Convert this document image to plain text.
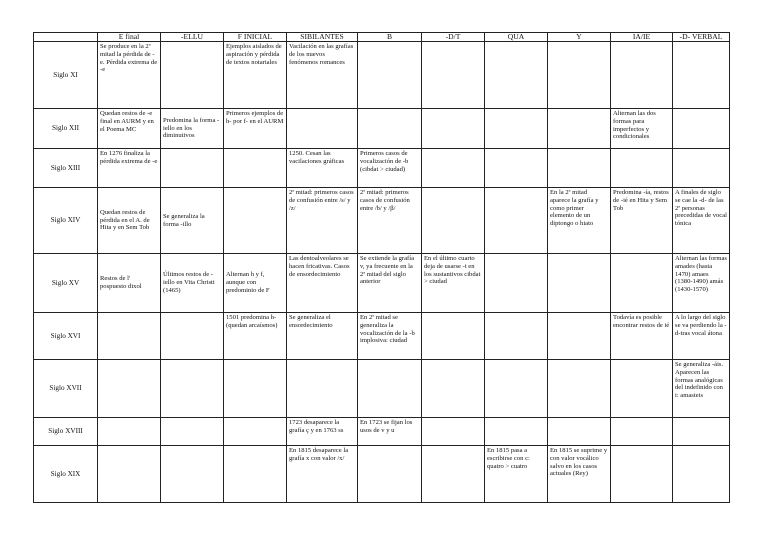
	E final	-ELLU	F INICIAL	SIBILANTES	B	-D/T	QUA	Y	IA/IE	-D- VERBAL
Siglo XI	Se produce en la 2ª mitad la pérdida de -e. Pérdida extrema de -e		Ejemplos aislados de aspiración y pérdida de textos notariales	Vacilación en las grafías de los nuevos fenómenos romances						
Siglo XII	Quedan restos de -e final en AURM y en el Poema MC	Predomina la forma -iello en los diminutivos	Primeros ejemplos de h- por f- en el AURM						Alternan las dos formas para imperfectos y condicionales	
Siglo XIII	En 1276 finaliza la pérdida extrema de -e			1250. Cesan las vacilaciones gráficas	Primeros casos de vocalización de -b (cibdat > ciudad)					
Siglo XIV	Quedan restos de pérdida en el A. de Hita y en Sem Tob	Se generaliza la forma -illo		2ª mitad: primeros casos de confusión entre /s/ y /z/	2ª mitad: primeros casos de confusión entre /b/ y /β/			En la 2ª mitad aparece la grafía y como primer elemento de un diptongo o hiato	Predomina -ía, restos de -ié en Hita y Sem Tob	A finales de siglo se cae la -d- de las 2ª personas precedidas de vocal tónica
Siglo XV	Restos de l' pospuesto dixol	Últimos restos de -iello en Vita Christi (1465)	Alternan h y f, aunque con predominio de F	Las dentoalveolares se hacen fricativas. Casos de ensordecimiento	Se extiende la grafía v, ya frecuente en la 2ª mitad del siglo anterior	En el último cuarto deja de usarse -t en los sustantivos cibdat > ciudad				Alternan las formas amades (hasta 1470) amaes (1380-1490) amás (1430-1570)
Siglo XVI			1501 predomina h- (quedan arcaísmos)	Se generaliza el ensordecimiento	En 2ª mitad se generaliza la vocalización de la -b implosiva: ciudad				Todavía es posible encontrar restos de ié	A lo largo del siglo se va perdiendo la -d-tras vocal átona
Siglo XVII										Se generaliza -áis. Aparecen las formas analógicas del indefinido con i: amasteis
Siglo XVIII				1723 desaparece la grafía ç y en 1763 ss	En 1723 se fijan los usos de v y u					
Siglo XIX				En 1815 desaparece la grafía x con valor /x/			En 1815 pasa a escribirse con c: quatro > cuatro	En 1815 se suprime y con valor vocálico salvo en los casos actuales (Rey)		
